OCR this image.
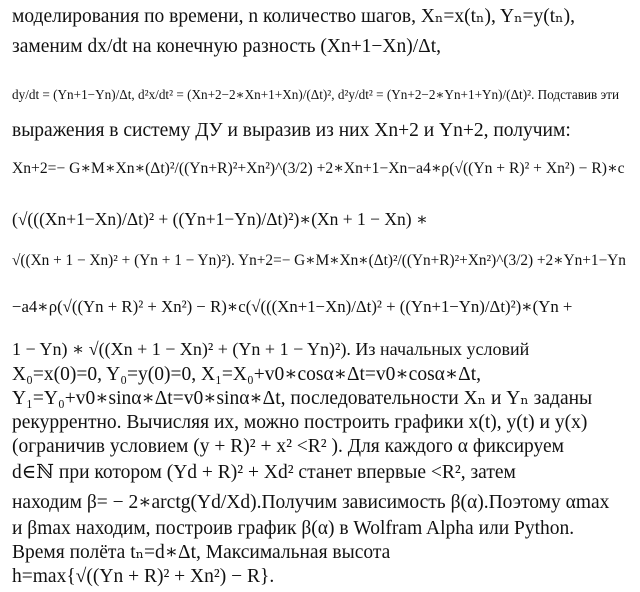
моделирования по времени, n количество шагов, Xₙ=x(tₙ), Yₙ=y(tₙ),
заменим dx/dt на конечную разность (Xn+1−Xn)/Δt,
dy/dt = (Yn+1−Yn)/Δt, d²x/dt² = (Xn+2−2∗Xn+1+Xn)/(Δt)², d²y/dt² = (Yn+2−2∗Yn+1+Yn)/(Δt)². Подставив эти
выражения в систему ДУ и выразив из них Xn+2 и Yn+2, получим:
Xn+2=− G∗M∗Xn∗(Δt)²/((Yn+R)²+Xn²)^(3/2) +2∗Xn+1−Xn−a4∗ρ(√((Yn + R)² + Xn²) − R)∗c
(√(((Xn+1−Xn)/Δt)² + ((Yn+1−Yn)/Δt)²)∗(Xn + 1 − Xn) ∗
√((Xn + 1 − Xn)² + (Yn + 1 − Yn)²). Yn+2=− G∗M∗Xn∗(Δt)²/((Yn+R)²+Xn²)^(3/2) +2∗Yn+1−Yn
−a4∗ρ(√((Yn + R)² + Xn²) − R)∗c(√(((Xn+1−Xn)/Δt)² + ((Yn+1−Yn)/Δt)²)∗(Yn +
1 − Yn) ∗ √((Xn + 1 − Xn)² + (Yn + 1 − Yn)²). Из начальных условий
X₀=x(0)=0, Y₀=y(0)=0, X₁=X₀+v0∗cosα∗Δt=v0∗cosα∗Δt,
Y₁=Y₀+v0∗sinα∗Δt=v0∗sinα∗Δt, последовательности Xₙ и Yₙ заданы
рекуррентно. Вычисляя их, можно построить графики x(t), y(t) и y(x)
(ограничив условием (y + R)² + x² <R² ). Для каждого α фиксируем
d∈ℕ при котором (Yd + R)² + Xd² станет впервые <R², затем
находим β= − 2∗arctg(Yd/Xd).Получим зависимость β(α).Поэтому αmax
и βmax находим, построив график β(α) в Wolfram Alpha или Python.
Время полёта tₙ=d∗Δt, Максимальная высота
h=max{√((Yn + R)² + Xn²) − R}.
